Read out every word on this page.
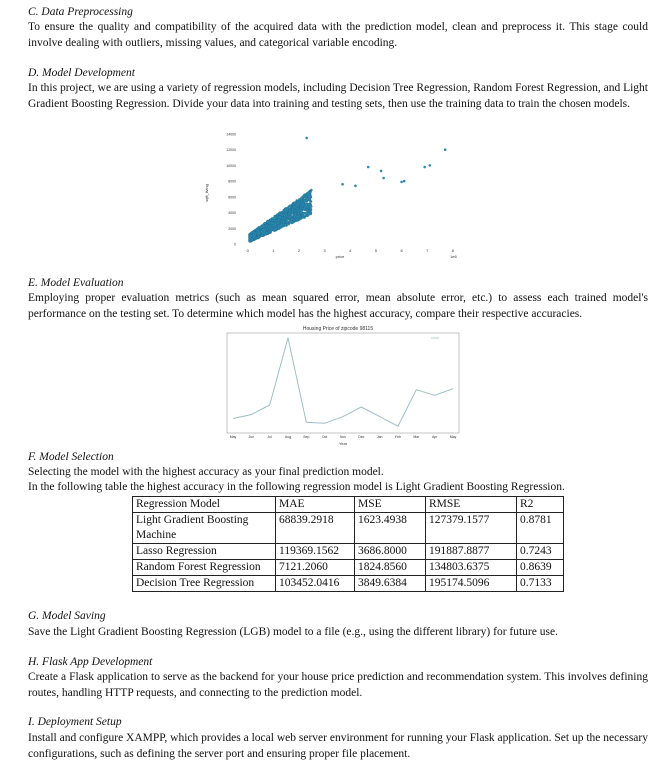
C. Data Preprocessing

To ensure the quality and compatibility of the acquired data with the prediction model, clean and preprocess it. This stage could involve dealing with outliers, missing values, and categorical variable encoding.

D. Model Development

In this project, we are using a variety of regression models, including Decision Tree Regression, Random Forest Regression, and Light Gradient Boosting Regression. Divide your data into training and testing sets, then use the training data to train the chosen models.

0	1	2	3	4	5	6	7	8
0
2000
4000
6000
8000
10000
12000
14000
price
sqft_living
1e6
E. Model Evaluation

Employing proper evaluation metrics (such as mean squared error, mean absolute error, etc.) to assess each trained model's performance on the testing set. To determine which model has the highest accuracy, compare their respective accuracies.

Housing Price of zipcode 98115
May	Jun	Jul	Aug	Sep	Oct	Nov	Dec	Jan	Feb	Mar	Apr	May
Year
F. Model Selection

Selecting the model with the highest accuracy as your final prediction model.

In the following table the highest accuracy in the following regression model is Light Gradient Boosting Regression.

Regression Model	MAE	MSE	RMSE	R2
Light Gradient Boosting Machine	68839.2918	1623.4938	127379.1577	0.8781
Lasso Regression	119369.1562	3686.8000	191887.8877	0.7243
Random Forest Regression	7121.2060	1824.8560	134803.6375	0.8639
Decision Tree Regression	103452.0416	3849.6384	195174.5096	0.7133
G. Model Saving

Save the Light Gradient Boosting Regression (LGB) model to a file (e.g., using the different library) for future use.

H. Flask App Development

Create a Flask application to serve as the backend for your house price prediction and recommendation system. This involves defining routes, handling HTTP requests, and connecting to the prediction model.

I. Deployment Setup

Install and configure XAMPP, which provides a local web server environment for running your Flask application. Set up the necessary configurations, such as defining the server port and ensuring proper file placement.
